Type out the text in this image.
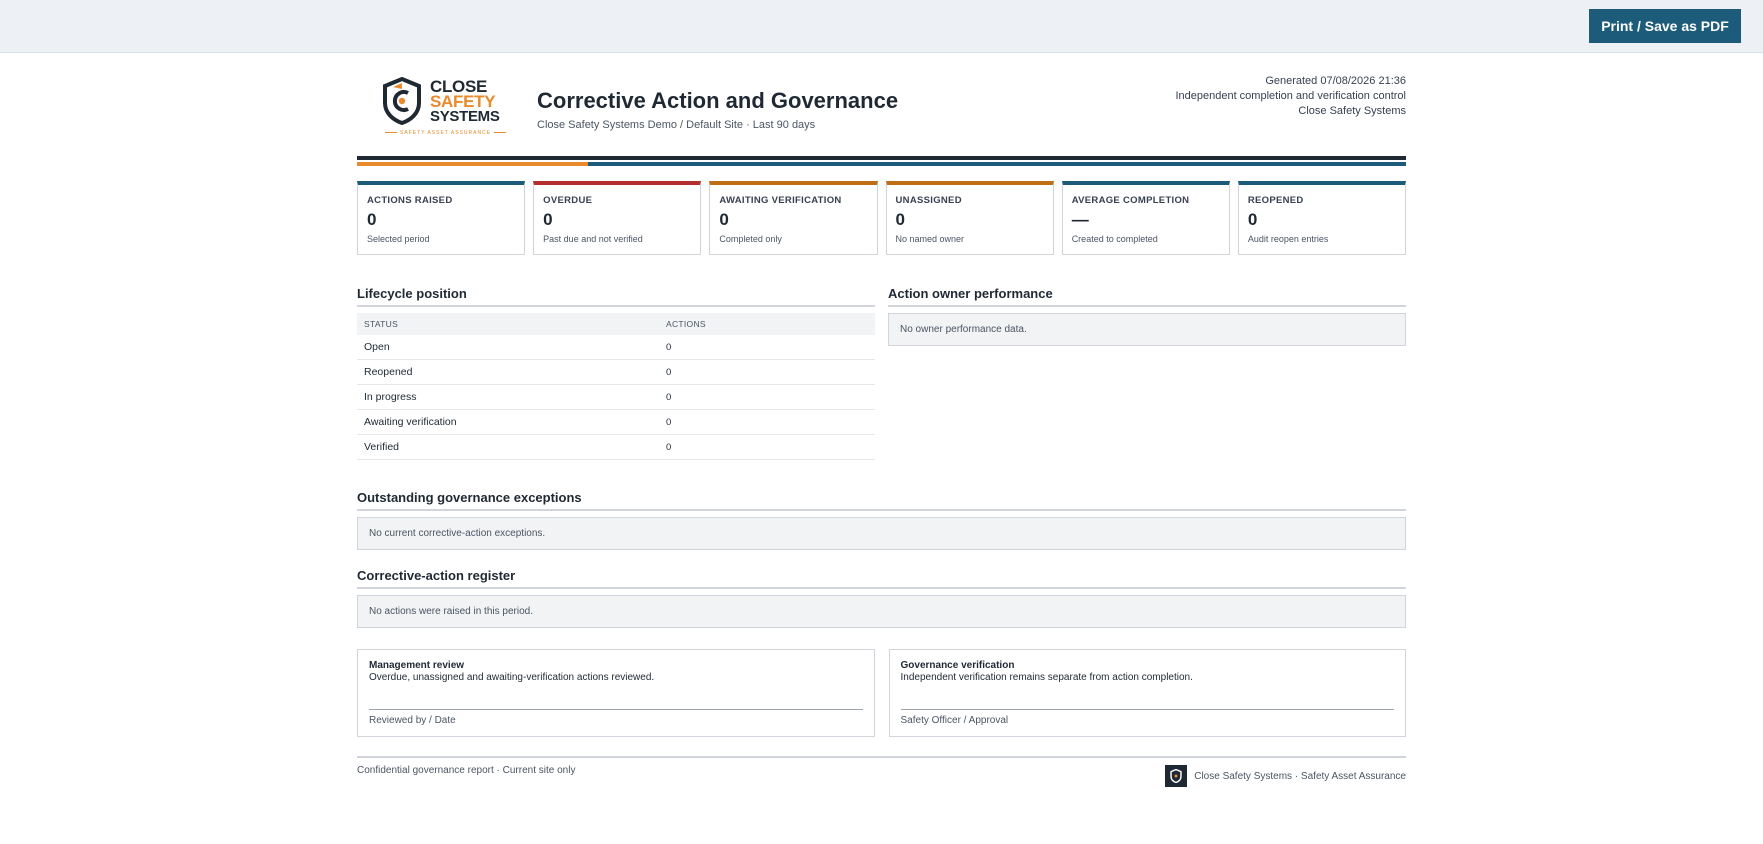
Print / Save as PDF
CLOSE
SAFETY
SYSTEMS
SAFETY ASSET ASSURANCE
Corrective Action and Governance
Close Safety Systems Demo / Default Site · Last 90 days
Generated 07/08/2026 21:36
Independent completion and verification control
Close Safety Systems
ACTIONS RAISED
0
Selected period
OVERDUE
0
Past due and not verified
AWAITING VERIFICATION
0
Completed only
UNASSIGNED
0
No named owner
AVERAGE COMPLETION
—
Created to completed
REOPENED
0
Audit reopen entries
Lifecycle position
STATUS	ACTIONS
Open	0
Reopened	0
In progress	0
Awaiting verification	0
Verified	0
Action owner performance
No owner performance data.
Outstanding governance exceptions
No current corrective-action exceptions.
Corrective-action register
No actions were raised in this period.
Management review
Overdue, unassigned and awaiting-verification actions reviewed.
Reviewed by / Date
Governance verification
Independent verification remains separate from action completion.
Safety Officer / Approval
Confidential governance report · Current site only	Close Safety Systems · Safety Asset Assurance
